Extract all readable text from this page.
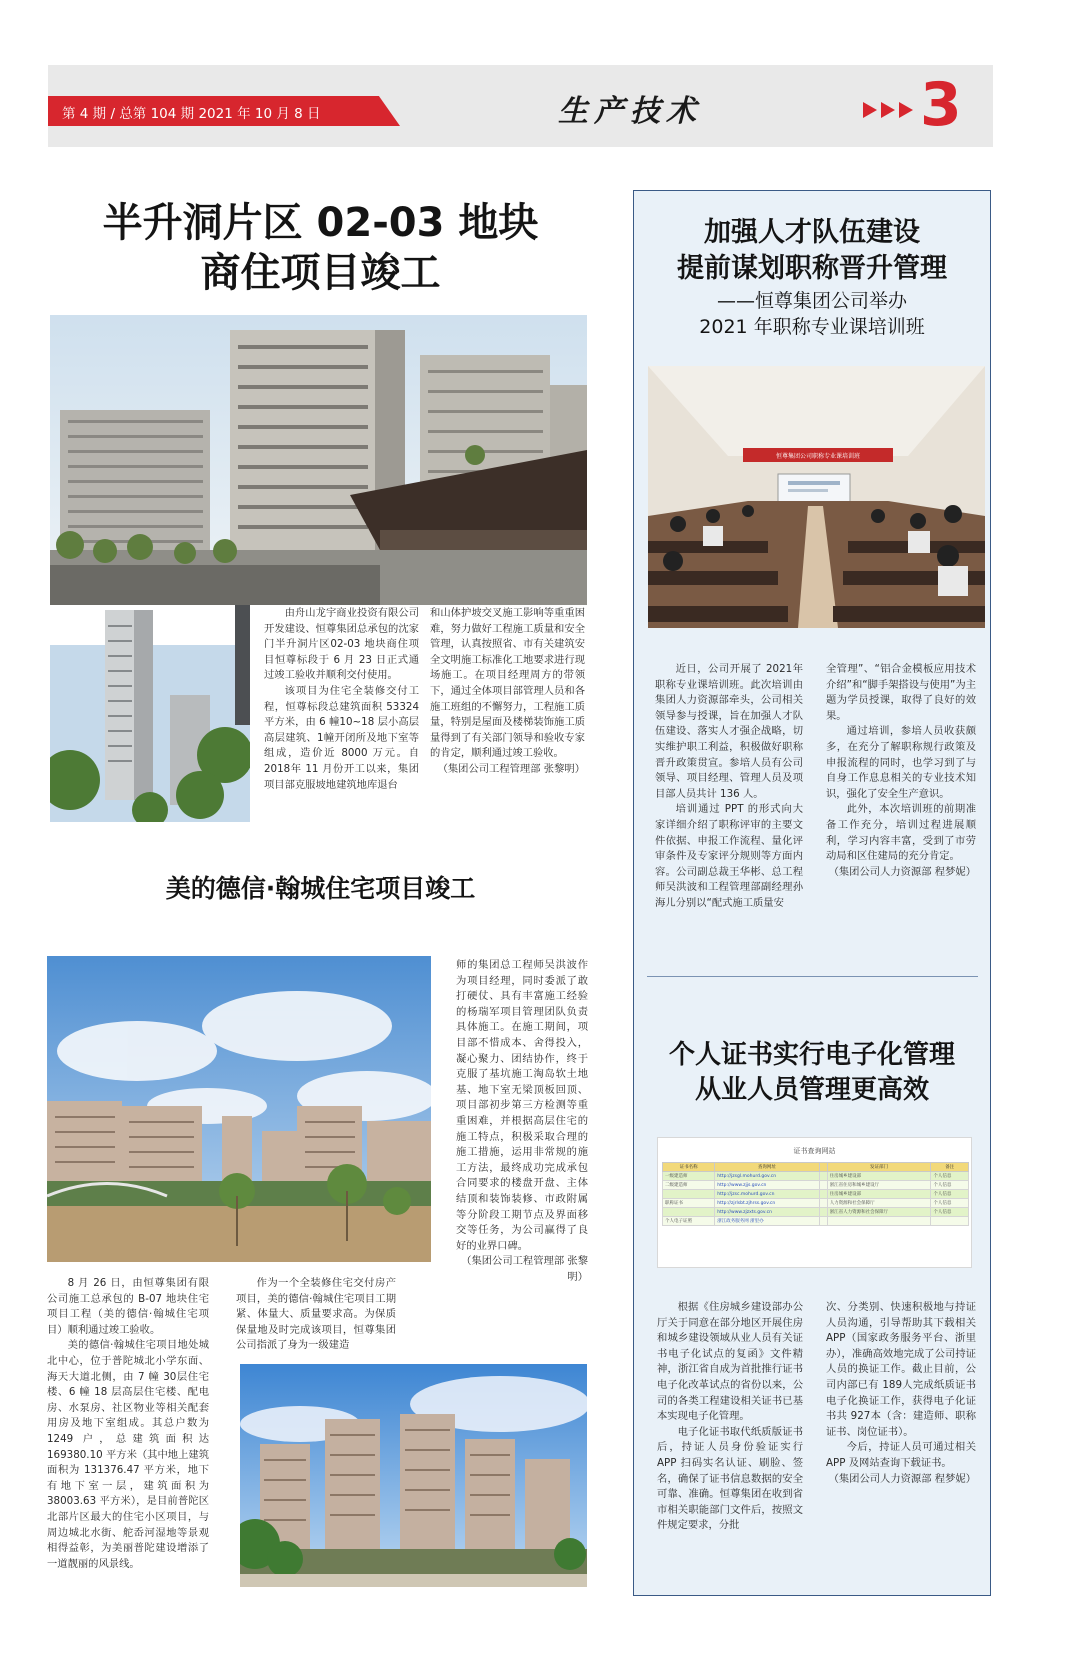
第 4 期 / 总第 104 期 2021 年 10 月 8 日	生产技术	3
半升洞片区 02-03 地块
商住项目竣工

由舟山龙宇商业投资有限公司开发建设、恒尊集团总承包的沈家门半升洞片区02-03 地块商住项目恒尊标段于 6 月 23 日正式通过竣工验收并顺利交付使用。

该项目为住宅全装修交付工程，恒尊标段总建筑面积 53324 平方米，由 6 幢10~18 层小高层高层建筑、1幢开闭所及地下室等组成，造价近 8000 万元。自 2018年 11 月份开工以来，集团项目部克服坡地建筑地库退台

和山体护坡交叉施工影响等重重困难，努力做好工程施工质量和安全管理，认真按照省、市有关建筑安全文明施工标准化工地要求进行现场施工。在项目经理周方的带领下，通过全体项目部管理人员和各施工班组的不懈努力，工程施工质量，特别是屋面及楼梯装饰施工质量得到了有关部门领导和验收专家的肯定，顺利通过竣工验收。

（集团公司工程管理部 张黎明）
美的德信·翰城住宅项目竣工

师的集团总工程师吴洪波作为项目经理，同时委派了敢打硬仗、具有丰富施工经验的杨瑞军项目管理团队负责具体施工。在施工期间，项目部不惜成本、舍得投入，凝心聚力、团结协作，终于克服了基坑施工淘岛软土地基、地下室无梁顶板回顶、项目部初步第三方检测等重重困难，并根据高层住宅的施工特点，积极采取合理的施工措施，运用非常规的施工方法，最终成功完成承包合同要求的楼盘开盘、主体结顶和装饰装修、市政附属等分阶段工期节点及界面移交等任务，为公司赢得了良好的业界口碑。

（集团公司工程管理部 张黎明）

8 月 26 日，由恒尊集团有限公司施工总承包的 B-07 地块住宅项目工程（美的德信·翰城住宅项目）顺利通过竣工验收。

美的德信·翰城住宅项目地处城北中心，位于普陀城北小学东面、海天大道北侧，由 7 幢 30层住宅楼、6 幢 18 层高层住宅楼、配电房、水泵房、社区物业等相关配套用房及地下室组成。其总户数为 1249 户，总建筑面积达 169380.10 平方米（其中地上建筑面积为 131376.47 平方米，地下有地下室一层，建筑面积为38003.63 平方米），是目前普陀区北部片区最大的住宅小区项目，与周边城北水街、舵岙河湿地等景观相得益彰，为美丽普陀建设增添了一道靓丽的风景线。

作为一个全装修住宅交付房产项目，美的德信·翰城住宅项目工期紧、体量大、质量要求高。为保质保量地及时完成该项目，恒尊集团公司指派了身为一级建造

加强人才队伍建设
提前谋划职称晋升管理
——恒尊集团公司举办
2021 年职称专业课培训班
恒尊集团公司职称专业课培训班

近日，公司开展了 2021年职称专业课培训班。此次培训由集团人力资源部牵头，公司相关领导参与授课，旨在加强人才队伍建设、落实人才强企战略，切实维护职工利益，积极做好职称晋升政策贯宣。参培人员有公司领导、项目经理、管理人员及项目部人员共计 136 人。

培训通过 PPT 的形式向大家详细介绍了职称评审的主要文件依据、申报工作流程、量化评审条件及专家评分规则等方面内容。公司副总裁王华彬、总工程师吴洪波和工程管理部副经理孙海儿分别以“配式施工质量安

全管理”、“铝合金模板应用技术介绍”和“脚手架搭设与使用”为主题为学员授课，取得了良好的效果。

通过培训，参培人员收获颇多，在充分了解职称规行政策及申报流程的同时，也学习到了与自身工作息息相关的专业技术知识，强化了安全生产意识。

此外，本次培训班的前期准备工作充分，培训过程进展顺利，学习内容丰富，受到了市劳动局和区住建局的充分肯定。

（集团公司人力资源部 程梦妮）
个人证书实行电子化管理
从业人员管理更高效
证书查询网站
证书名称	查询网址		发证部门	备注
一级建造师	http://jzsgl.mohurd.gov.cn		住房城乡建设部	个人信息
二级建造师	http://www.zjjs.gov.cn		浙江省住房和城乡建设厅	个人信息
	http://jzsc.mohurd.gov.cn		住房城乡建设部	个人信息
职称证书	http://zjrlsbt.zjhrss.gov.cn		人力资源和社会保障厅	个人信息
	http://www.zjzxts.gov.cn		浙江省人力资源和社会保障厅	个人信息
个人电子证照	浙江政务服务网 浙里办			

根据《住房城乡建设部办公厅关于同意在部分地区开展住房和城乡建设领域从业人员有关证书电子化试点的复函》文件精神，浙江省自成为首批推行证书电子化改革试点的省份以来，公司的各类工程建设相关证书已基本实现电子化管理。

电子化证书取代纸质版证书后，持证人员身份验证实行 APP 扫码实名认证、刷脸、签名，确保了证书信息数据的安全可靠、准确。恒尊集团在收到省市相关职能部门文件后，按照文件规定要求，分批

次、分类别、快速积极地与持证人员沟通，引导帮助其下载相关 APP（国家政务服务平台、浙里办），准确高效地完成了公司持证人员的换证工作。截止目前，公司内部已有 189人完成纸质证书电子化换证工作，获得电子化证书共 927本（含：建造师、职称证书、岗位证书）。

今后，持证人员可通过相关 APP 及网站查询下载证书。

（集团公司人力资源部 程梦妮）
